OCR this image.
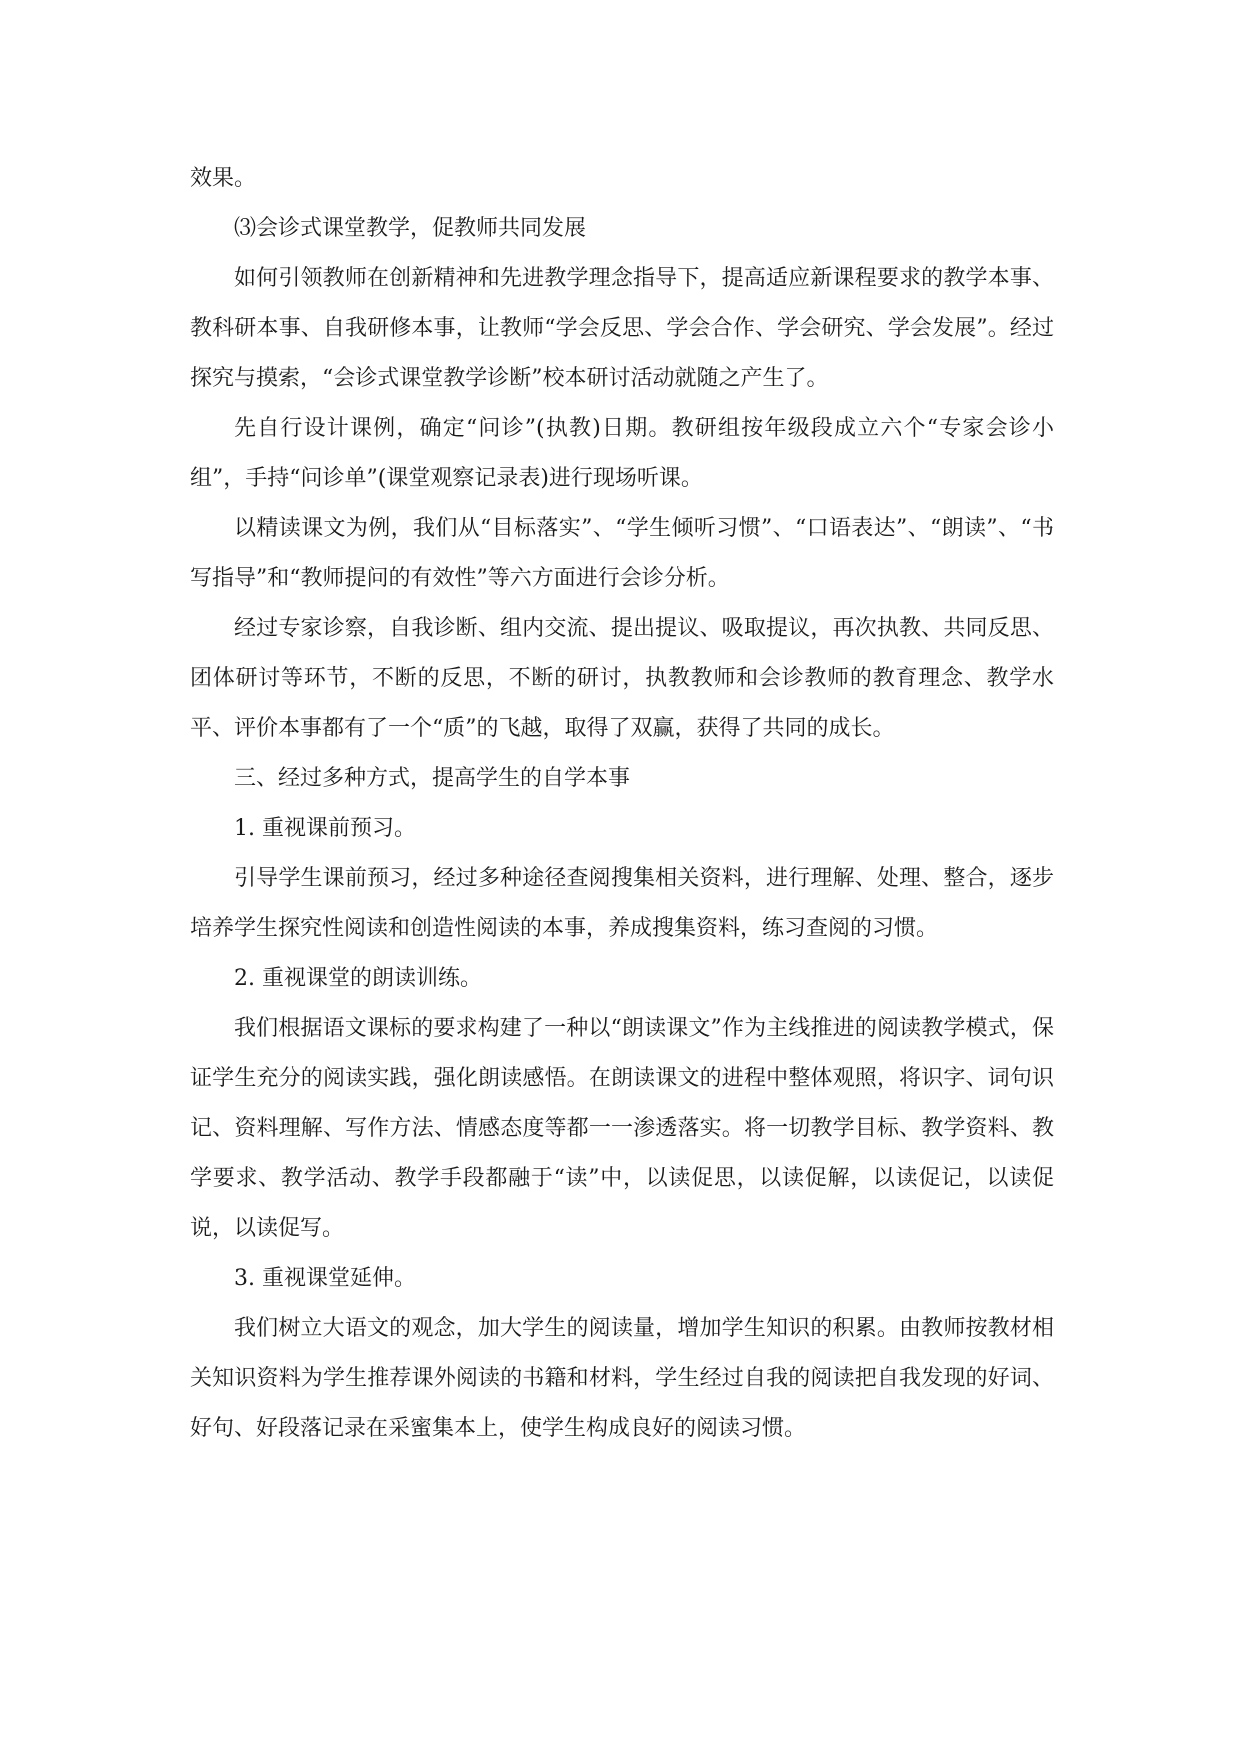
效果。

⑶会诊式课堂教学，促教师共同发展

如何引领教师在创新精神和先进教学理念指导下，提高适应新课程要求的教学本事、教科研本事、自我研修本事，让教师“学会反思、学会合作、学会研究、学会发展”。经过探究与摸索，“会诊式课堂教学诊断”校本研讨活动就随之产生了。

先自行设计课例，确定“问诊”(执教)日期。教研组按年级段成立六个“专家会诊小组”，手持“问诊单”(课堂观察记录表)进行现场听课。

以精读课文为例，我们从“目标落实”、“学生倾听习惯”、“口语表达”、“朗读”、“书写指导”和“教师提问的有效性”等六方面进行会诊分析。

经过专家诊察，自我诊断、组内交流、提出提议、吸取提议，再次执教、共同反思、团体研讨等环节，不断的反思，不断的研讨，执教教师和会诊教师的教育理念、教学水平、评价本事都有了一个“质”的飞越，取得了双赢，获得了共同的成长。

三、经过多种方式，提高学生的自学本事

1. 重视课前预习。

引导学生课前预习，经过多种途径查阅搜集相关资料，进行理解、处理、整合，逐步培养学生探究性阅读和创造性阅读的本事，养成搜集资料，练习查阅的习惯。

2. 重视课堂的朗读训练。

我们根据语文课标的要求构建了一种以“朗读课文”作为主线推进的阅读教学模式，保证学生充分的阅读实践，强化朗读感悟。在朗读课文的进程中整体观照，将识字、词句识记、资料理解、写作方法、情感态度等都一一渗透落实。将一切教学目标、教学资料、教学要求、教学活动、教学手段都融于“读”中，以读促思，以读促解，以读促记，以读促说，以读促写。

3. 重视课堂延伸。

我们树立大语文的观念，加大学生的阅读量，增加学生知识的积累。由教师按教材相关知识资料为学生推荐课外阅读的书籍和材料，学生经过自我的阅读把自我发现的好词、好句、好段落记录在采蜜集本上，使学生构成良好的阅读习惯。
